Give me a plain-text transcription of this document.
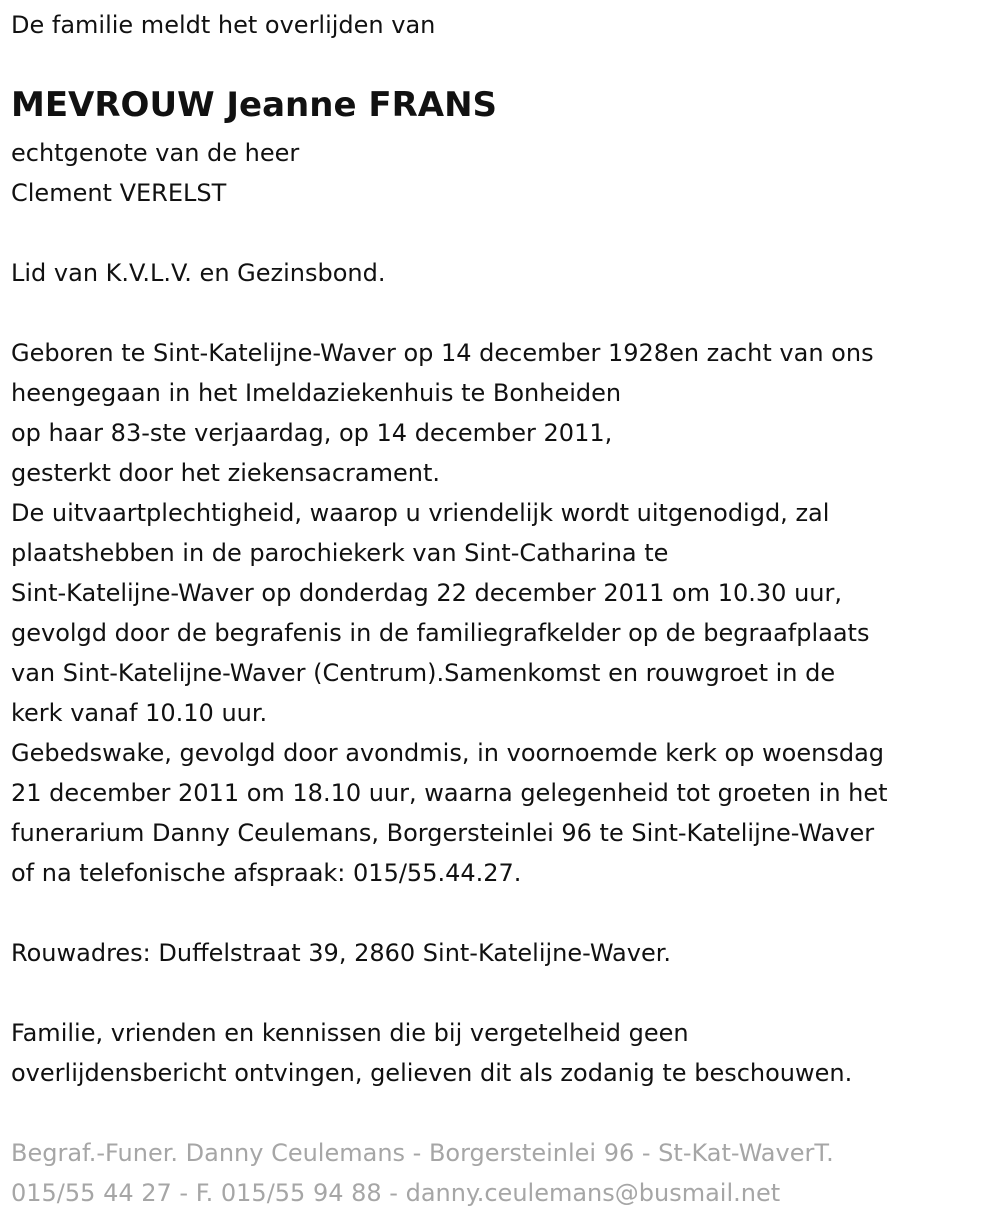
De familie meldt het overlijden van
MEVROUW Jeanne FRANS
echtgenote van de heer
Clement VERELST
Lid van K.V.L.V. en Gezinsbond.
Geboren te Sint-Katelijne-Waver op 14 december 1928en zacht van ons
heengegaan in het Imeldaziekenhuis te Bonheiden
op haar 83-ste verjaardag, op 14 december 2011,
gesterkt door het ziekensacrament.
De uitvaartplechtigheid, waarop u vriendelijk wordt uitgenodigd, zal
plaatshebben in de parochiekerk van Sint-Catharina te
Sint-Katelijne-Waver op donderdag 22 december 2011 om 10.30 uur,
gevolgd door de begrafenis in de familiegrafkelder op de begraafplaats
van Sint-Katelijne-Waver (Centrum).Samenkomst en rouwgroet in de
kerk vanaf 10.10 uur.
Gebedswake, gevolgd door avondmis, in voornoemde kerk op woensdag
21 december 2011 om 18.10 uur, waarna gelegenheid tot groeten in het
funerarium Danny Ceulemans, Borgersteinlei 96 te Sint-Katelijne-Waver
of na telefonische afspraak: 015/55.44.27.
Rouwadres: Duffelstraat 39, 2860 Sint-Katelijne-Waver.
Familie, vrienden en kennissen die bij vergetelheid geen
overlijdensbericht ontvingen, gelieven dit als zodanig te beschouwen.
Begraf.-Funer. Danny Ceulemans - Borgersteinlei 96 - St-Kat-WaverT.
015/55 44 27 - F. 015/55 94 88 - danny.ceulemans@busmail.net
